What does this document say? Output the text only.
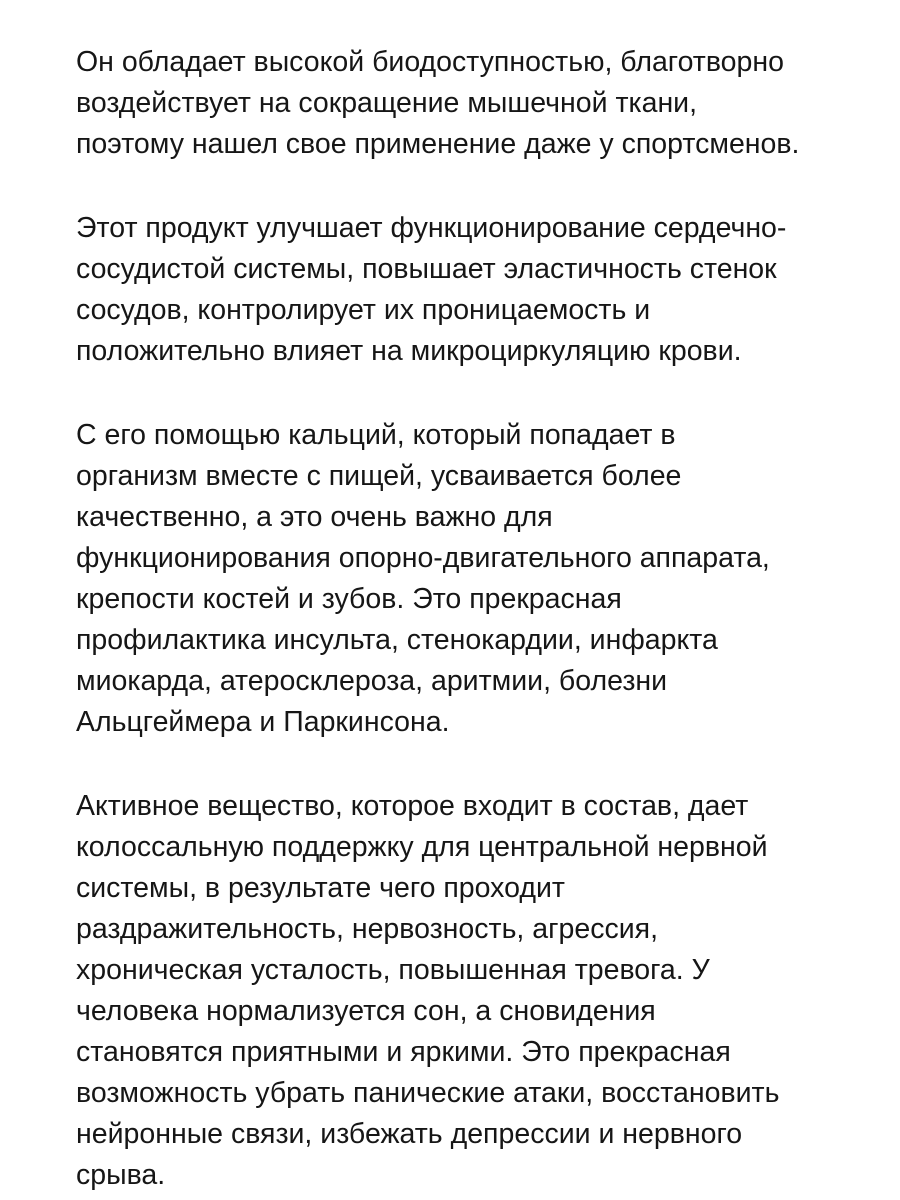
Он обладает высокой биодоступностью, благотворно

воздействует на сокращение мышечной ткани,

поэтому нашел свое применение даже у спортсменов.

Этот продукт улучшает функционирование сердечно-

сосудистой системы, повышает эластичность стенок

сосудов, контролирует их проницаемость и

положительно влияет на микроциркуляцию крови.

С его помощью кальций, который попадает в

организм вместе с пищей, усваивается более

качественно, а это очень важно для

функционирования опорно-двигательного аппарата,

крепости костей и зубов. Это прекрасная

профилактика инсульта, стенокардии, инфаркта

миокарда, атеросклероза, аритмии, болезни

Альцгеймера и Паркинсона.

Активное вещество, которое входит в состав, дает

колоссальную поддержку для центральной нервной

системы, в результате чего проходит

раздражительность, нервозность, агрессия,

хроническая усталость, повышенная тревога. У

человека нормализуется сон, а сновидения

становятся приятными и яркими. Это прекрасная

возможность убрать панические атаки, восстановить

нейронные связи, избежать депрессии и нервного

срыва.
